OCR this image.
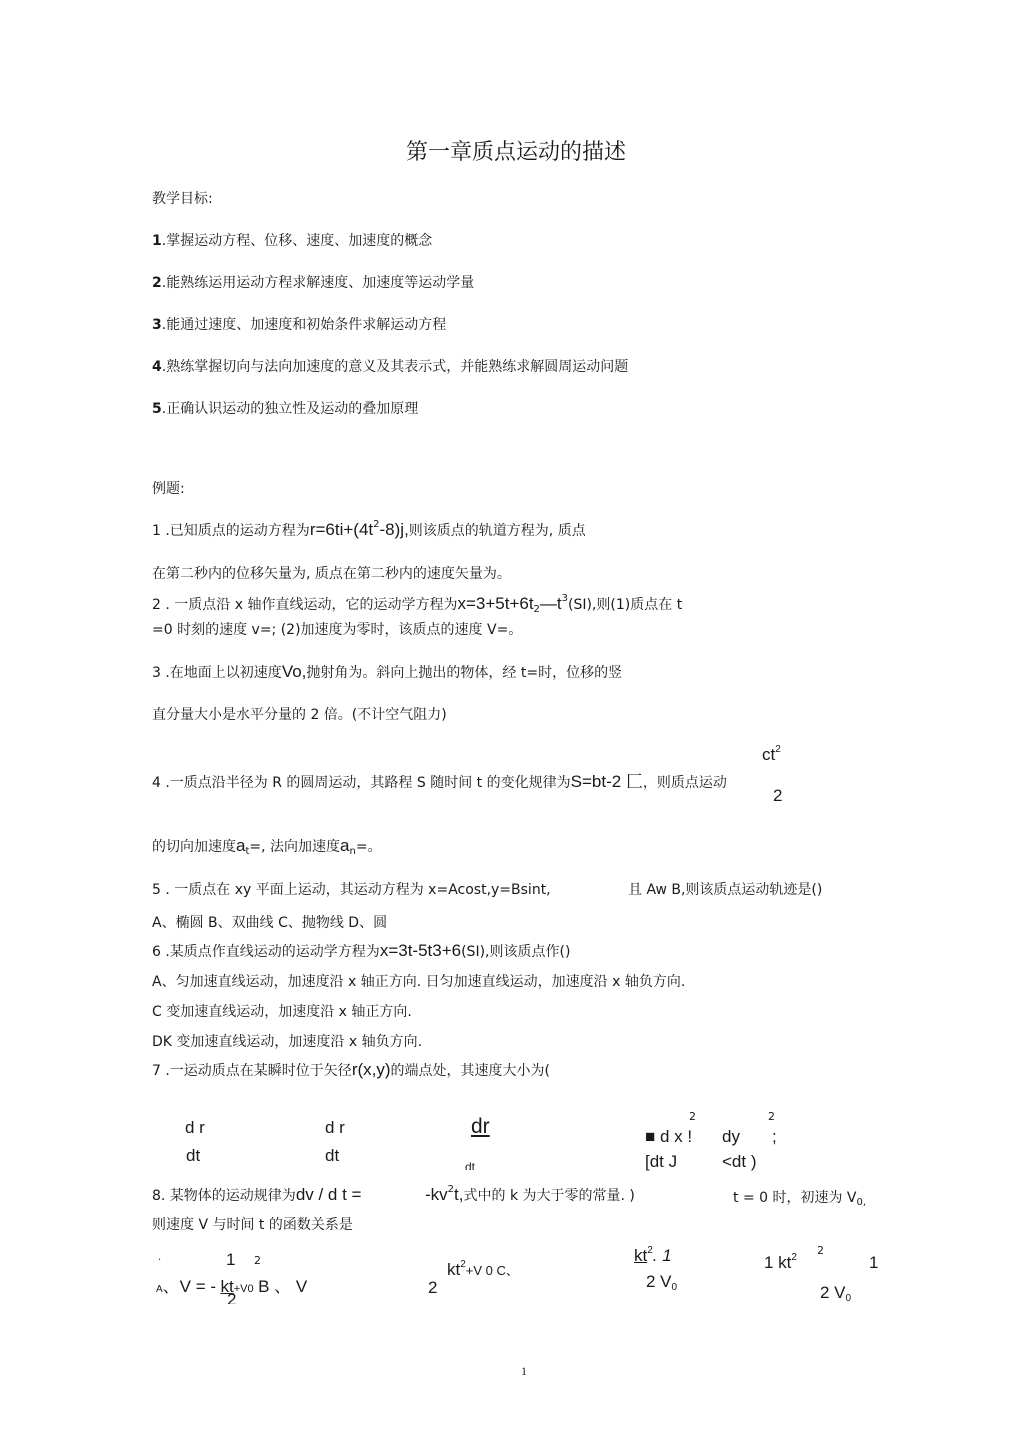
第一章质点运动的描述
教学目标:
1.掌握运动方程、位移、速度、加速度的概念
2.能熟练运用运动方程求解速度、加速度等运动学量
3.能通过速度、加速度和初始条件求解运动方程
4.熟练掌握切向与法向加速度的意义及其表示式，并能熟练求解圆周运动问题
5.正确认识运动的独立性及运动的叠加原理
例题:
1 .已知质点的运动方程为$r=6ti+(4t^2-8)j$,则该质点的轨道方程为, 质点
在第二秒内的位移矢量为, 质点在第二秒内的速度矢量为。
2 . 一质点沿 x 轴作直线运动，它的运动学方程为$x=3+5t+6t_2—t^3(SI)$,则(1)质点在 t
=0 时刻的速度 v=; (2)加速度为零时，该质点的速度 V=。
3 .在地面上以初速度Vo,抛射角为。斜向上抛出的物体，经 t=时，位移的竖
直分量大小是水平分量的 2 倍。(不计空气阻力)
$ct^2$
4 .一质点沿半径为 R 的圆周运动，其路程 S 随时间 t 的变化规律为S=bt-2 匚，则质点运动
2
的切向加速度$a_t=$, 法向加速度$a_n=$。
5 . 一质点在 xy 平面上运动，其运动方程为 x=Acost,y=Bsint,	且 Aw B,则该质点运动轨迹是()
A、椭圆 B、双曲线 C、抛物线 D、圆
6 .某质点作直线运动的运动学方程为x=3t-5t3+6(SI),则该质点作()
A、匀加速直线运动，加速度沿 x 轴正方向. 日匀加速直线运动，加速度沿 x 轴负方向.
C 变加速直线运动，加速度沿 x 轴正方向.
DK 变加速直线运动，加速度沿 x 轴负方向.
7 .一运动质点在某瞬时位于矢径r(x,y)的端点处，其速度大小为(
d r
dt
d r
dt
dr
dt
2	2
■ d x ! dy ;
[dt J	<dt )
8. 某物体的运动规律为dv / d t =	$-kv^2t$,式中的 k 为大于零的常量. )	t = 0 时，初速为 $V_{0,}$
则速度 V 与时间 t 的函数关系是
.	1 2
A、V = - kt+V0 B 、 V
2
2
$kt^2+V$ 0 C、
$kt^2$. 1
2 V0
2
1 $kt^2$	1
2 V0
1
